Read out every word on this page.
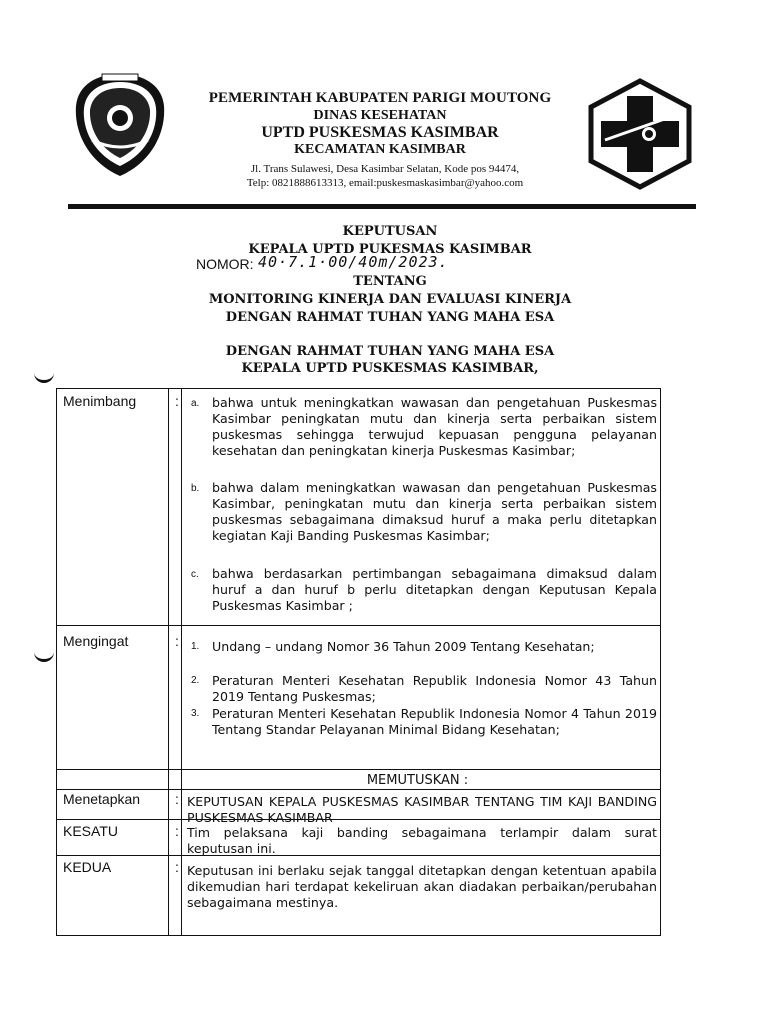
PEMERINTAH KABUPATEN PARIGI MOUTONG
DINAS KESEHATAN
UPTD PUSKESMAS KASIMBAR
KECAMATAN KASIMBAR
Jl. Trans Sulawesi, Desa Kasimbar Selatan, Kode pos 94474,
Telp: 082188861331​3, email:puskesmaskasimbar@yahoo.com
KEPUTUSAN
KEPALA UPTD PUKESMAS KASIMBAR
NOMOR: 40·7.1·00/40m/2023.
TENTANG
MONITORING KINERJA DAN EVALUASI KINERJA
DENGAN RAHMAT TUHAN YANG MAHA ESA
DENGAN RAHMAT TUHAN YANG MAHA ESA
KEPALA UPTD PUSKESMAS KASIMBAR,
Menimbang	: a. bahwa untuk meningkatkan wawasan dan pengetahuan Puskesmas Kasimbar peningkatan mutu dan kinerja serta perbaikan sistem puskesmas sehingga terwujud kepuasan pengguna pelayanan kesehatan dan peningkatan kinerja Puskesmas Kasimbar;
b. bahwa dalam meningkatkan wawasan dan pengetahuan Puskesmas Kasimbar, peningkatan mutu dan kinerja serta perbaikan sistem puskesmas sebagaimana dimaksud huruf a maka perlu ditetapkan kegiatan Kaji Banding Puskesmas Kasimbar;
c. bahwa berdasarkan pertimbangan sebagaimana dimaksud dalam huruf a dan huruf b perlu ditetapkan dengan Keputusan Kepala Puskesmas Kasimbar ;
Mengingat	: 1. Undang – undang Nomor 36 Tahun 2009 Tentang Kesehatan;
2. Peraturan Menteri Kesehatan Republik Indonesia Nomor 43 Tahun 2019 Tentang Puskesmas;
3. Peraturan Menteri Kesehatan Republik Indonesia Nomor 4 Tahun 2019 Tentang Standar Pelayanan Minimal Bidang Kesehatan;
MEMUTUSKAN :
Menetapkan : KEPUTUSAN KEPALA PUSKESMAS KASIMBAR TENTANG TIM KAJI BANDING PUSKESMAS KASIMBAR
KESATU	: Tim pelaksana kaji banding sebagaimana terlampir dalam surat keputusan ini.
KEDUA	: Keputusan ini berlaku sejak tanggal ditetapkan dengan ketentuan apabila dikemudian hari terdapat kekeliruan akan diadakan perbaikan/perubahan sebagaimana mestinya.
